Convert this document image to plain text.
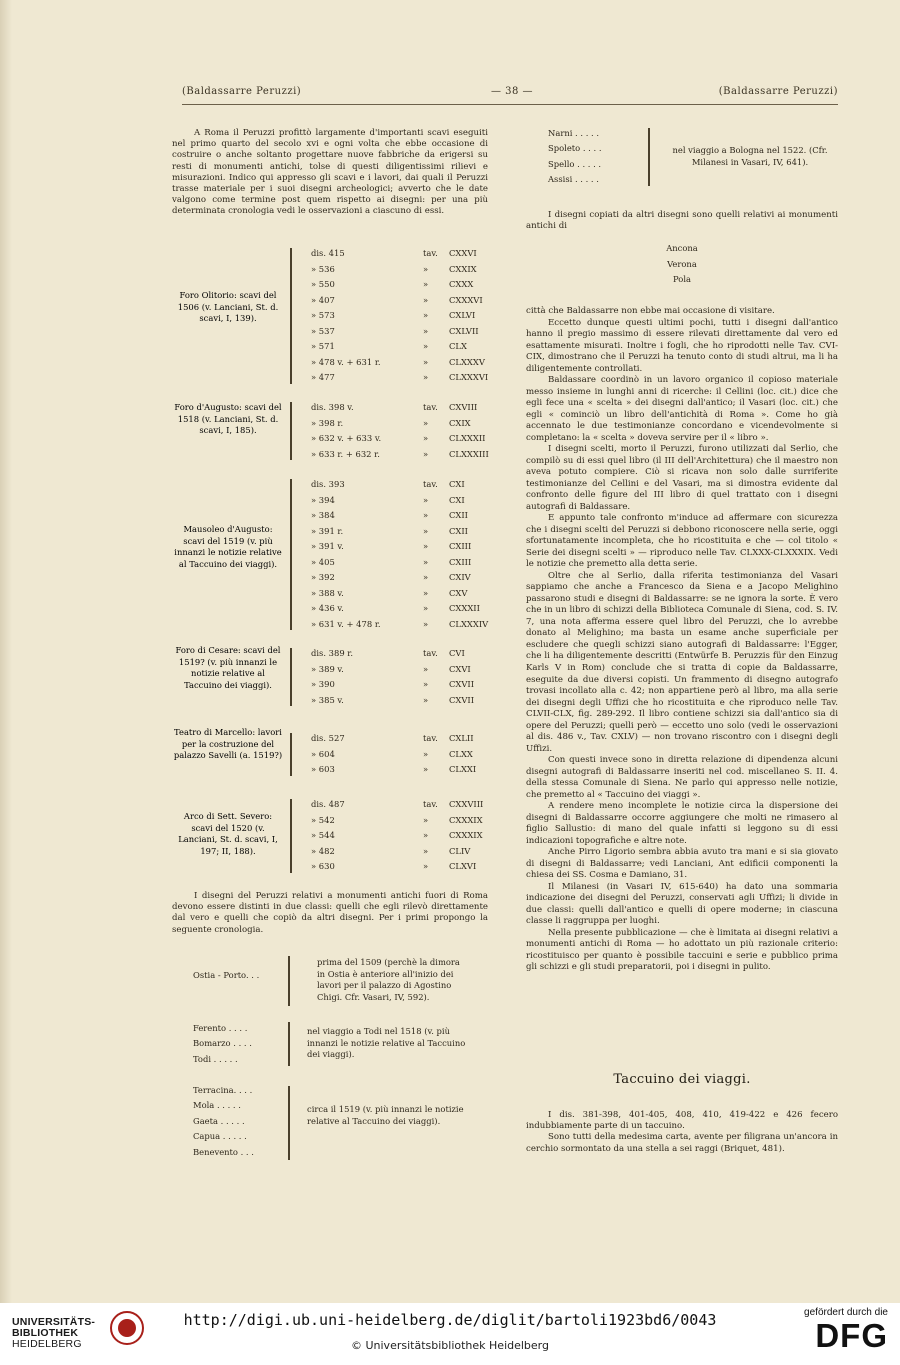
(Baldassarre Peruzzi)	— 38 —	(Baldassarre Peruzzi)

A Roma il Peruzzi profittò largamente d'importanti scavi eseguiti nel primo quarto del secolo xvi e ogni volta che ebbe occasione di costruire o anche soltanto progettare nuove fabbriche da erigersi su resti di monumenti antichi, tolse di questi diligentissimi rilievi e misurazioni. Indico qui appresso gli scavi e i lavori, dai quali il Peruzzi trasse materiale per i suoi disegni archeologici; avverto che le date valgono come termine post quem rispetto ai disegni: per una più determinata cronologia vedi le osservazioni a ciascuno di essi.

Foro Olitorio: scavi del 1506 (v. Lanciani, St. d. scavi, I, 139).
dis. 415	tav. CXXVI
» 536	» CXXIX
» 550	» CXXX
» 407	» CXXXVI
» 573	» CXLVI
» 537	» CXLVII
» 571	» CLX
» 478 v. + 631 r.	» CLXXXV
» 477	» CLXXXVI
Foro d'Augusto: scavi del 1518 (v. Lanciani, St. d. scavi, I, 185).
dis. 398 v.	tav. CXVIII
» 398 r.	» CXIX
» 632 v. + 633 v.	» CLXXXII
» 633 r. + 632 r.	» CLXXXIII
Mausoleo d'Augusto: scavi del 1519 (v. più innanzi le notizie relative al Taccuino dei viaggi).
dis. 393	tav. CXI
» 394	» CXI
» 384	» CXII
» 391 r.	» CXII
» 391 v.	» CXIII
» 405	» CXIII
» 392	» CXIV
» 388 v.	» CXV
» 436 v.	» CXXXII
» 631 v. + 478 r.	» CLXXXIV
Foro di Cesare: scavi del 1519? (v. più innanzi le notizie relative al Taccuino dei viaggi).
dis. 389 r.	tav. CVI
» 389 v.	» CXVI
» 390	» CXVII
» 385 v.	» CXVII
Teatro di Marcello: lavori per la costruzione del palazzo Savelli (a. 1519?)
dis. 527	tav. CXLII
» 604	» CLXX
» 603	» CLXXI
Arco di Sett. Severo: scavi del 1520 (v. Lanciani, St. d. scavi, I, 197; II, 188).
dis. 487	tav. CXXVIII
» 542	» CXXXIX
» 544	» CXXXIX
» 482	» CLIV
» 630	» CLXVI

I disegni del Peruzzi relativi a monumenti antichi fuori di Roma devono essere distinti in due classi: quelli che egli rilevò direttamente dal vero e quelli che copiò da altri disegni. Per i primi propongo la seguente cronologia.

Ostia - Porto. . .
prima del 1509 (perchè la dimora in Ostia è anteriore all'inizio dei lavori per il palazzo di Agostino Chigi. Cfr. Vasari, IV, 592).
Ferento . . . .
Bomarzo . . . .
Todi . . . . .
nel viaggio a Todi nel 1518 (v. più innanzi le notizie relative al Taccuino dei viaggi).
Terracina. . . .
Mola . . . . .
Gaeta . . . . .
Capua . . . . .
Benevento . . .
circa il 1519 (v. più innanzi le notizie relative al Taccuino dei viaggi).
Narni . . . . .
Spoleto . . . .
Spello . . . . .
Assisi . . . . .
nel viaggio a Bologna nel 1522. (Cfr. Milanesi in Vasari, IV, 641).

I disegni copiati da altri disegni sono quelli relativi ai monumenti antichi di

Ancona
Verona
Pola

città che Baldassarre non ebbe mai occasione di visitare.

Eccetto dunque questi ultimi pochi, tutti i disegni dall'antico hanno il pregio massimo di essere rilevati direttamente dal vero ed esattamente misurati. Inoltre i fogli, che ho riprodotti nelle Tav. CVI-CIX, dimostrano che il Peruzzi ha tenuto conto di studi altrui, ma li ha diligentemente controllati.

Baldassare coordinò in un lavoro organico il copioso materiale messo insieme in lunghi anni di ricerche: il Cellini (loc. cit.) dice che egli fece una « scelta » dei disegni dall'antico; il Vasari (loc. cit.) che egli « cominciò un libro dell'antichità di Roma ». Come ho già accennato le due testimonianze concordano e vicendevolmente si completano: la « scelta » doveva servire per il « libro ».

I disegni scelti, morto il Peruzzi, furono utilizzati dal Serlio, che compilò su di essi quel libro (il III dell'Architettura) che il maestro non aveva potuto compiere. Ciò si ricava non solo dalle surriferite testimonianze del Cellini e del Vasari, ma si dimostra evidente dal confronto delle figure del III libro di quel trattato con i disegni autografi di Baldassare.

E appunto tale confronto m'induce ad affermare con sicurezza che i disegni scelti del Peruzzi si debbono riconoscere nella serie, oggi sfortunatamente incompleta, che ho ricostituita e che — col titolo « Serie dei disegni scelti » — riproduco nelle Tav. CLXXX-CLXXXIX. Vedi le notizie che premetto alla detta serie.

Oltre che al Serlio, dalla riferita testimonianza del Vasari sappiamo che anche a Francesco da Siena e a Jacopo Melighino passarono studi e disegni di Baldassarre: se ne ignora la sorte. È vero che in un libro di schizzi della Biblioteca Comunale di Siena, cod. S. IV. 7, una nota afferma essere quel libro del Peruzzi, che lo avrebbe donato al Melighino; ma basta un esame anche superficiale per escludere che quegli schizzi siano autografi di Baldassarre: l'Egger, che li ha diligentemente descritti (Entwürfe B. Peruzzis für den Einzug Karls V in Rom) conclude che si tratta di copie da Baldassarre, eseguite da due diversi copisti. Un frammento di disegno autografo trovasi incollato alla c. 42; non appartiene però al libro, ma alla serie dei disegni degli Uffizi che ho ricostituita e che riproduco nelle Tav. CLVII-CLX, fig. 289-292. Il libro contiene schizzi sia dall'antico sia di opere del Peruzzi; quelli però — eccetto uno solo (vedi le osservazioni al dis. 486 v., Tav. CXLV) — non trovano riscontro con i disegni degli Uffizi.

Con questi invece sono in diretta relazione di dipendenza alcuni disegni autografi di Baldassarre inseriti nel cod. miscellaneo S. II. 4. della stessa Comunale di Siena. Ne parlo qui appresso nelle notizie, che premetto al « Taccuino dei viaggi ».

A rendere meno incomplete le notizie circa la dispersione dei disegni di Baldassarre occorre aggiungere che molti ne rimasero al figlio Sallustio: di mano del quale infatti si leggono su di essi indicazioni topografiche e altre note.

Anche Pirro Ligorio sembra abbia avuto tra mani e si sia giovato di disegni di Baldassarre; vedi Lanciani, Ant edificii componenti la chiesa dei SS. Cosma e Damiano, 31.

Il Milanesi (in Vasari IV, 615-640) ha dato una sommaria indicazione dei disegni del Peruzzi, conservati agli Uffizi; li divide in due classi: quelli dall'antico e quelli di opere moderne; in ciascuna classe li raggruppa per luoghi.

Nella presente pubblicazione — che è limitata ai disegni relativi a monumenti antichi di Roma — ho adottato un più razionale criterio: ricostituisco per quanto è possibile taccuini e serie e pubblico prima gli schizzi e gli studi preparatorii, poi i disegni in pulito.

Taccuino dei viaggi.

I dis. 381-398, 401-405, 408, 410, 419-422 e 426 fecero indubbiamente parte di un taccuino.

Sono tutti della medesima carta, avente per filigrana un'ancora in cerchio sormontato da una stella a sei raggi (Briquet, 481).

UNIVERSITÄTS-
BIBLIOTHEK
HEIDELBERG
http://digi.ub.uni-heidelberg.de/diglit/bartoli1923bd6/0043
© Universitätsbibliothek Heidelberg
gefördert durch die
DFG
